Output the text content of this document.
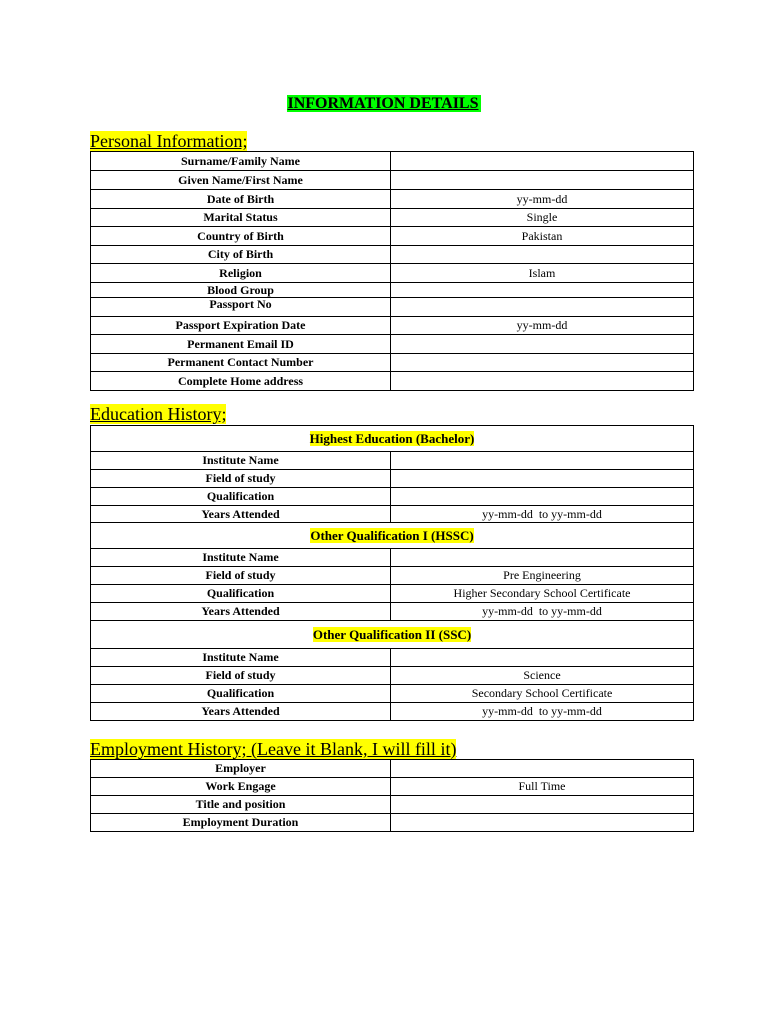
INFORMATION DETAILS
Personal Information;
Surname/Family Name	
Given Name/First Name	
Date of Birth	yy-mm-dd
Marital Status	Single
Country of Birth	Pakistan
City of Birth	
Religion	Islam
Blood Group	
Passport No	
Passport Expiration Date	yy-mm-dd
Permanent Email ID	
Permanent Contact Number	
Complete Home address	
Education History;
Highest Education (Bachelor)	
Institute Name	
Field of study	
Qualification	
Years Attended	yy-mm-dd  to yy-mm-dd
Other Qualification I (HSSC)	
Institute Name	
Field of study	Pre Engineering
Qualification	Higher Secondary School Certificate
Years Attended	yy-mm-dd  to yy-mm-dd
Other Qualification II (SSC)	
Institute Name	
Field of study	Science
Qualification	Secondary School Certificate
Years Attended	yy-mm-dd  to yy-mm-dd
Employment History; (Leave it Blank, I will fill it)
Employer	
Work Engage	Full Time
Title and position	
Employment Duration	
